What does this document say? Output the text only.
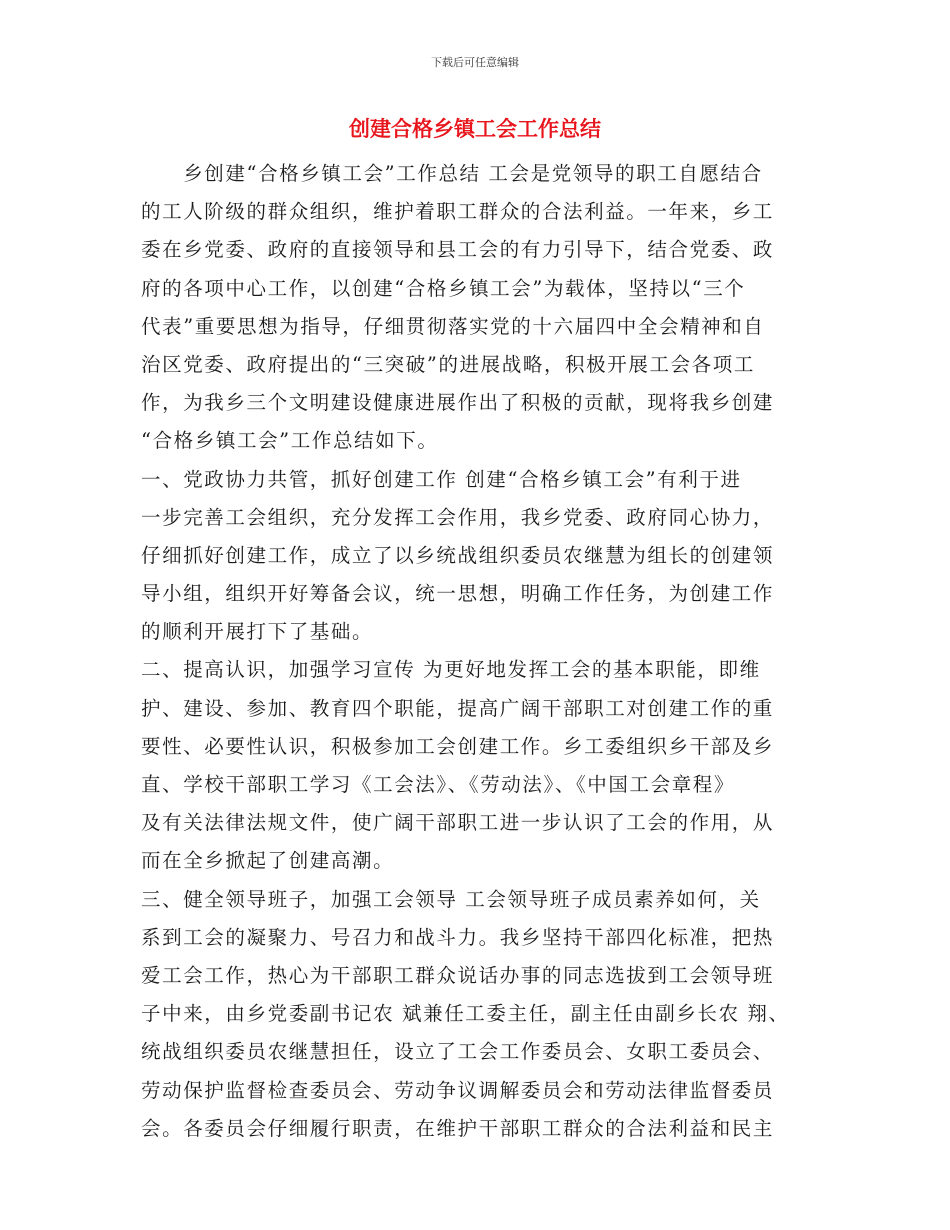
下载后可任意编辑
创建合格乡镇工会工作总结
　　乡创建“合格乡镇工会”工作总结 工会是党领导的职工自愿结合
的工人阶级的群众组织，维护着职工群众的合法利益。一年来，乡工
委在乡党委、政府的直接领导和县工会的有力引导下，结合党委、政
府的各项中心工作，以创建“合格乡镇工会”为载体，坚持以“三个
代表”重要思想为指导，仔细贯彻落实党的十六届四中全会精神和自
治区党委、政府提出的“三突破”的进展战略，积极开展工会各项工
作，为我乡三个文明建设健康进展作出了积极的贡献，现将我乡创建
“合格乡镇工会”工作总结如下。
一、党政协力共管，抓好创建工作 创建“合格乡镇工会”有利于进
一步完善工会组织，充分发挥工会作用，我乡党委、政府同心协力，
仔细抓好创建工作，成立了以乡统战组织委员农继慧为组长的创建领
导小组，组织开好筹备会议，统一思想，明确工作任务，为创建工作
的顺利开展打下了基础。
二、提高认识，加强学习宣传 为更好地发挥工会的基本职能，即维
护、建设、参加、教育四个职能，提高广阔干部职工对创建工作的重
要性、必要性认识，积极参加工会创建工作。乡工委组织乡干部及乡
直、学校干部职工学习《工会法》、《劳动法》、《中国工会章程》
及有关法律法规文件，使广阔干部职工进一步认识了工会的作用，从
而在全乡掀起了创建高潮。
三、健全领导班子，加强工会领导 工会领导班子成员素养如何，关
系到工会的凝聚力、号召力和战斗力。我乡坚持干部四化标准，把热
爱工会工作，热心为干部职工群众说话办事的同志选拔到工会领导班
子中来，由乡党委副书记农 斌兼任工委主任，副主任由副乡长农 翔、
统战组织委员农继慧担任，设立了工会工作委员会、女职工委员会、
劳动保护监督检查委员会、劳动争议调解委员会和劳动法律监督委员
会。各委员会仔细履行职责，在维护干部职工群众的合法利益和民主
